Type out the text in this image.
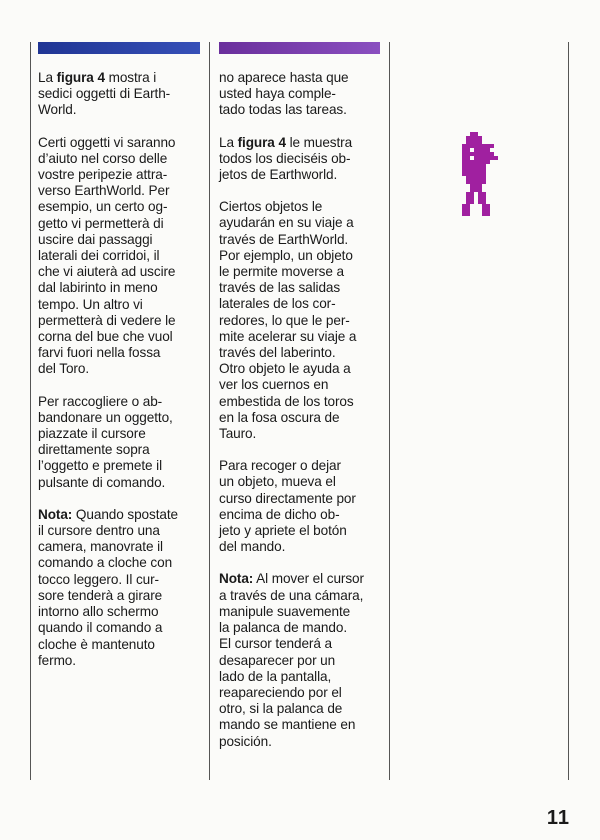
La figura 4 mostra i
sedici oggetti di Earth-
World.

Certi oggetti vi saranno
d’aiuto nel corso delle
vostre peripezie attra-
verso EarthWorld. Per
esempio, un certo og-
getto vi permetterà di
uscire dai passaggi
laterali dei corridoi, il
che vi aiuterà ad uscire
dal labirinto in meno
tempo. Un altro vi
permetterà di vedere le
corna del bue che vuol
farvi fuori nella fossa
del Toro.

Per raccogliere o ab-
bandonare un oggetto,
piazzate il cursore
direttamente sopra
l’oggetto e premete il
pulsante di comando.

Nota: Quando spostate
il cursore dentro una
camera, manovrate il
comando a cloche con
tocco leggero. Il cur-
sore tenderà a girare
intorno allo schermo
quando il comando a
cloche è mantenuto
fermo.

no aparece hasta que
usted haya comple-
tado todas las tareas.

La figura 4 le muestra
todos los dieciséis ob-
jetos de Earthworld.

Ciertos objetos le
ayudarán en su viaje a
través de EarthWorld.
Por ejemplo, un objeto
le permite moverse a
través de las salidas
laterales de los cor-
redores, lo que le per-
mite acelerar su viaje a
través del laberinto.
Otro objeto le ayuda a
ver los cuernos en
embestida de los toros
en la fosa oscura de
Tauro.

Para recoger o dejar
un objeto, mueva el
curso directamente por
encima de dicho ob-
jeto y apriete el botón
del mando.

Nota: Al mover el cursor
a través de una cámara,
manipule suavemente
la palanca de mando.
El cursor tenderá a
desaparecer por un
lado de la pantalla,
reapareciendo por el
otro, si la palanca de
mando se mantiene en
posición.

11
